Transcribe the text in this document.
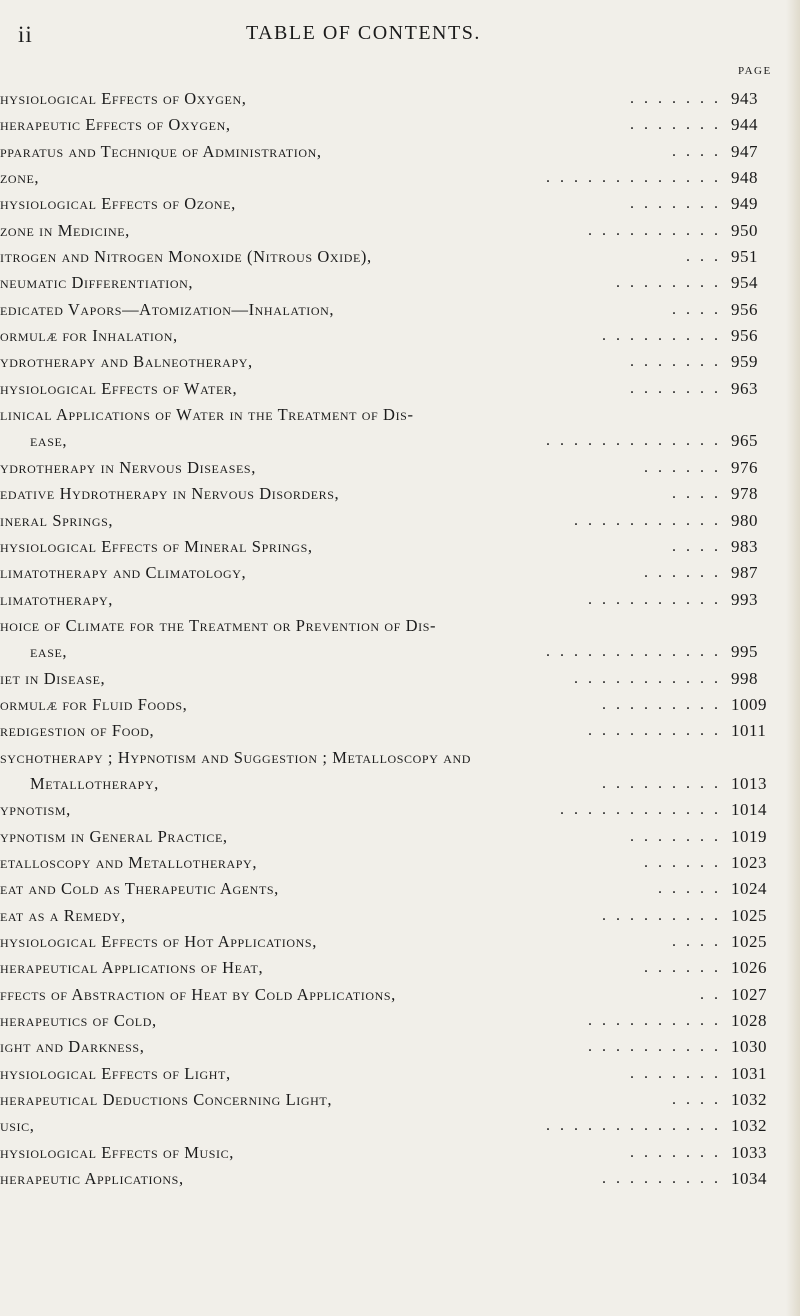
ii	TABLE OF CONTENTS.
PAGE
hysiological Effects of Oxygen,	....... 943
herapeutic Effects of Oxygen,	....... 944
pparatus and Technique of Administration,	.... 947
zone,	............. 948
hysiological Effects of Ozone,	....... 949
zone in Medicine,	.......... 950
itrogen and Nitrogen Monoxide (Nitrous Oxide),	... 951
neumatic Differentiation,	........ 954
edicated Vapors—Atomization—Inhalation,	.... 956
ormulæ for Inhalation,	......... 956
ydrotherapy and Balneotherapy,	....... 959
hysiological Effects of Water,	....... 963
linical Applications of Water in the Treatment of Dis-
ease,	............. 965
ydrotherapy in Nervous Diseases,	...... 976
edative Hydrotherapy in Nervous Disorders,	.... 978
ineral Springs,	........... 980
hysiological Effects of Mineral Springs,	.... 983
limatotherapy and Climatology,	...... 987
limatotherapy,	.......... 993
hoice of Climate for the Treatment or Prevention of Dis-
ease,	............. 995
iet in Disease,	........... 998
ormulæ for Fluid Foods,	......... 1009
redigestion of Food,	.......... 1011
sychotherapy ; Hypnotism and Suggestion ; Metalloscopy and
Metallotherapy,	......... 1013
ypnotism,	............ 1014
ypnotism in General Practice,	....... 1019
etalloscopy and Metallotherapy,	...... 1023
eat and Cold as Therapeutic Agents,	..... 1024
eat as a Remedy,	......... 1025
hysiological Effects of Hot Applications,	.... 1025
herapeutical Applications of Heat,	...... 1026
ffects of Abstraction of Heat by Cold Applications,	.. 1027
herapeutics of Cold,	.......... 1028
ight and Darkness,	.......... 1030
hysiological Effects of Light,	....... 1031
herapeutical Deductions Concerning Light,	.... 1032
usic,	............. 1032
hysiological Effects of Music,	....... 1033
herapeutic Applications,	......... 1034
